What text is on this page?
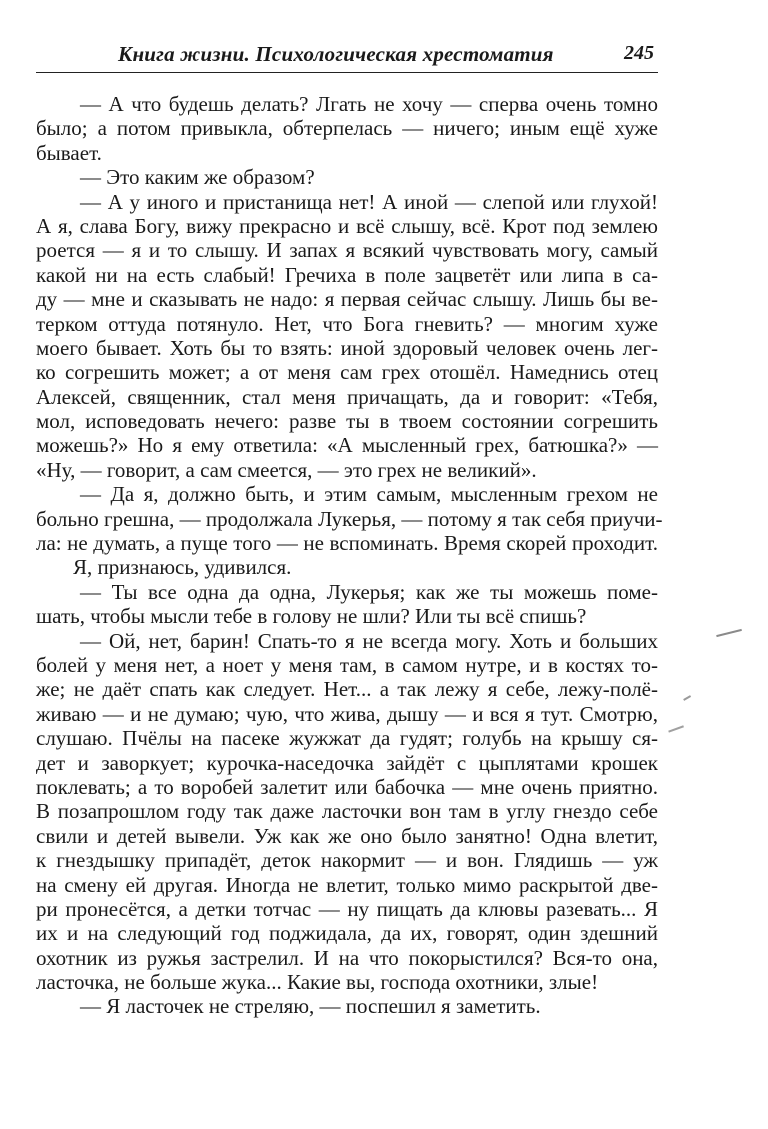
Книга жизни. Психологическая хрестоматия	245
— А что будешь делать? Лгать не хочу — сперва очень томно
было; а потом привыкла, обтерпелась — ничего; иным ещё хуже
бывает.
— Это каким же образом?
— А у иного и пристанища нет! А иной — слепой или глухой!
А я, слава Богу, вижу прекрасно и всё слышу, всё. Крот под землею
роется — я и то слышу. И запах я всякий чувствовать могу, самый
какой ни на есть слабый! Гречиха в поле зацветёт или липа в са-
ду — мне и сказывать не надо: я первая сейчас слышу. Лишь бы ве-
терком оттуда потянуло. Нет, что Бога гневить? — многим хуже
моего бывает. Хоть бы то взять: иной здоровый человек очень лег-
ко согрешить может; а от меня сам грех отошёл. Намеднись отец
Алексей, священник, стал меня причащать, да и говорит: «Тебя,
мол, исповедовать нечего: разве ты в твоем состоянии согрешить
можешь?» Но я ему ответила: «А мысленный грех, батюшка?» —
«Ну, — говорит, а сам смеется, — это грех не великий».
— Да я, должно быть, и этим самым, мысленным грехом не
больно грешна, — продолжала Лукерья, — потому я так себя приучи-
ла: не думать, а пуще того — не вспоминать. Время скорей проходит.
Я, признаюсь, удивился.
— Ты все одна да одна, Лукерья; как же ты можешь поме-
шать, чтобы мысли тебе в голову не шли? Или ты всё спишь?
— Ой, нет, барин! Спать-то я не всегда могу. Хоть и больших
болей у меня нет, а ноет у меня там, в самом нутре, и в костях то-
же; не даёт спать как следует. Нет... а так лежу я себе, лежу-полё-
живаю — и не думаю; чую, что жива, дышу — и вся я тут. Смотрю,
слушаю. Пчёлы на пасеке жужжат да гудят; голубь на крышу ся-
дет и заворкует; курочка-наседочка зайдёт с цыплятами крошек
поклевать; а то воробей залетит или бабочка — мне очень приятно.
В позапрошлом году так даже ласточки вон там в углу гнездо себе
свили и детей вывели. Уж как же оно было занятно! Одна влетит,
к гнездышку припадёт, деток накормит — и вон. Глядишь — уж
на смену ей другая. Иногда не влетит, только мимо раскрытой две-
ри пронесётся, а детки тотчас — ну пищать да клювы разевать... Я
их и на следующий год поджидала, да их, говорят, один здешний
охотник из ружья застрелил. И на что покорыстился? Вся-то она,
ласточка, не больше жука... Какие вы, господа охотники, злые!
— Я ласточек не стреляю, — поспешил я заметить.
